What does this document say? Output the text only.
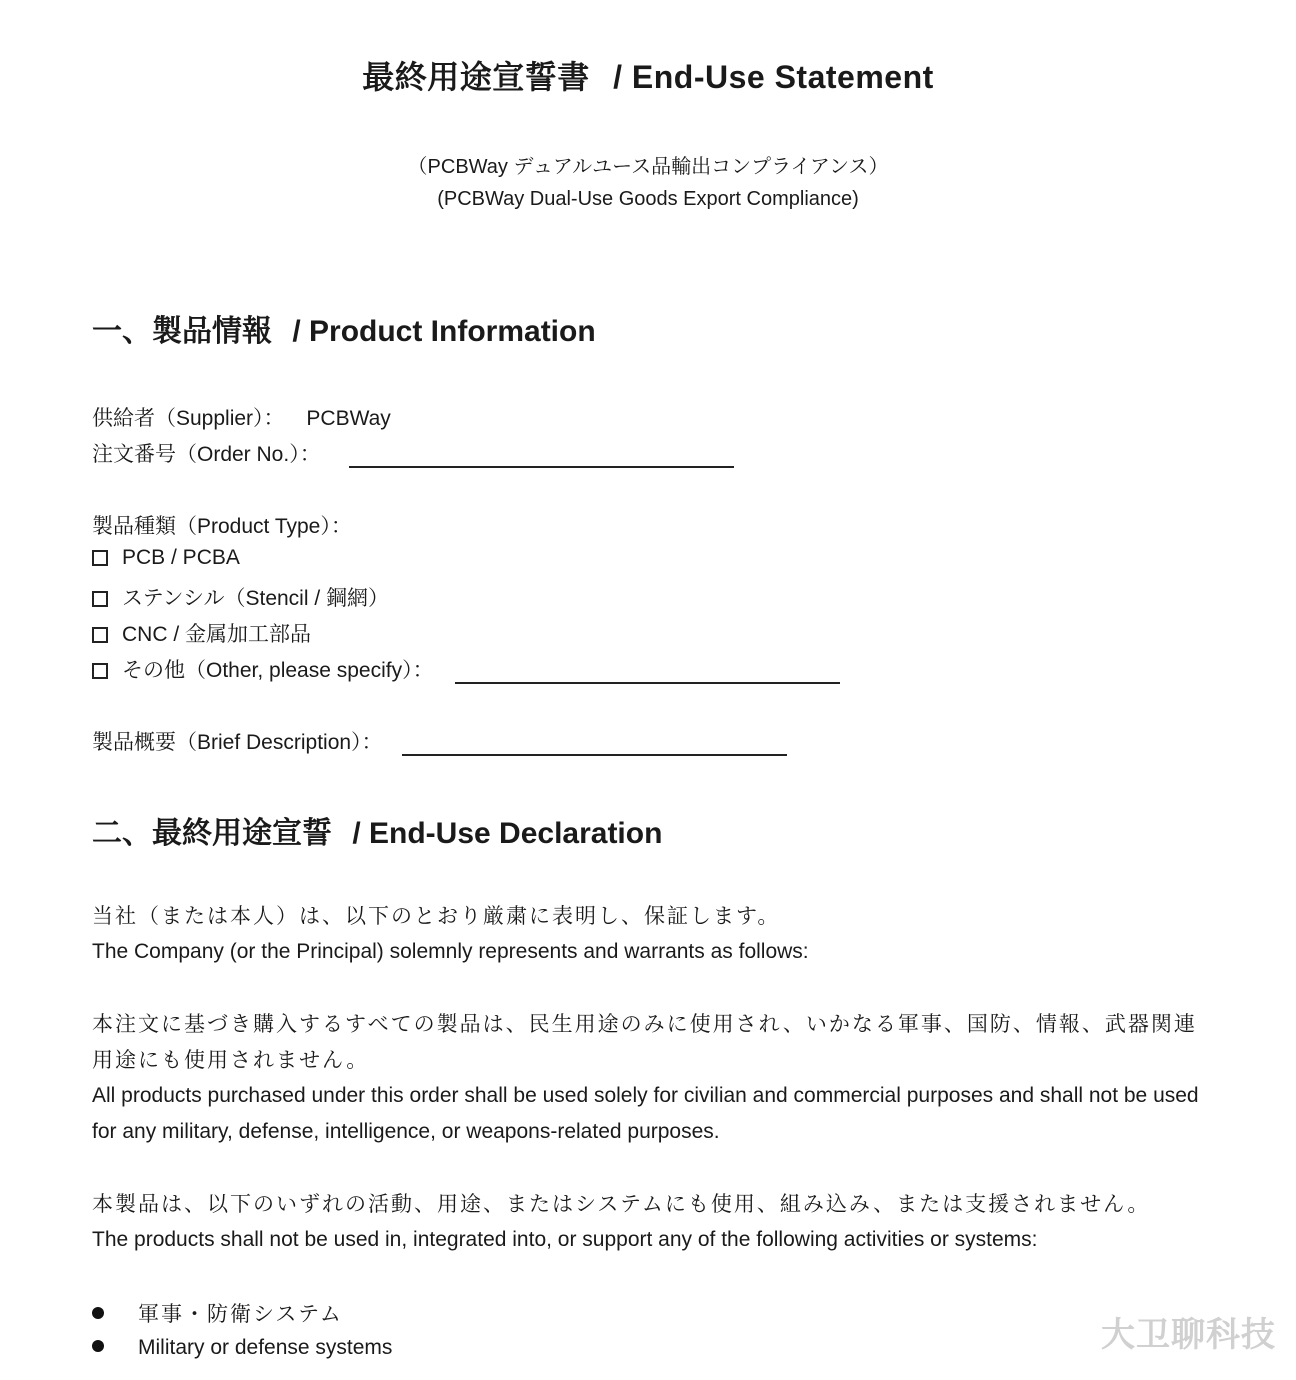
最終用途宣誓書 / End-Use Statement
（PCBWay デュアルユース品輸出コンプライアンス）
(PCBWay Dual-Use Goods Export Compliance)
一、製品情報 / Product Information
供給者（Supplier）： PCBWay
注文番号（Order No.）：
製品種類（Product Type）：
PCB / PCBA
ステンシル（Stencil / 鋼網）
CNC / 金属加工部品
その他（Other, please specify）：
製品概要（Brief Description）：
二、最終用途宣誓 / End-Use Declaration
当社（または本人）は、以下のとおり厳粛に表明し、保証します。
The Company (or the Principal) solemnly represents and warrants as follows:
本注文に基づき購入するすべての製品は、民生用途のみに使用され、いかなる軍事、国防、情報、武器関連用途にも使用されません。
All products purchased under this order shall be used solely for civilian and commercial purposes and shall not be used for any military, defense, intelligence, or weapons-related purposes.
本製品は、以下のいずれの活動、用途、またはシステムにも使用、組み込み、または支援されません。
The products shall not be used in, integrated into, or support any of the following activities or systems:
軍事・防衛システム
Military or defense systems	大卫聊科技
